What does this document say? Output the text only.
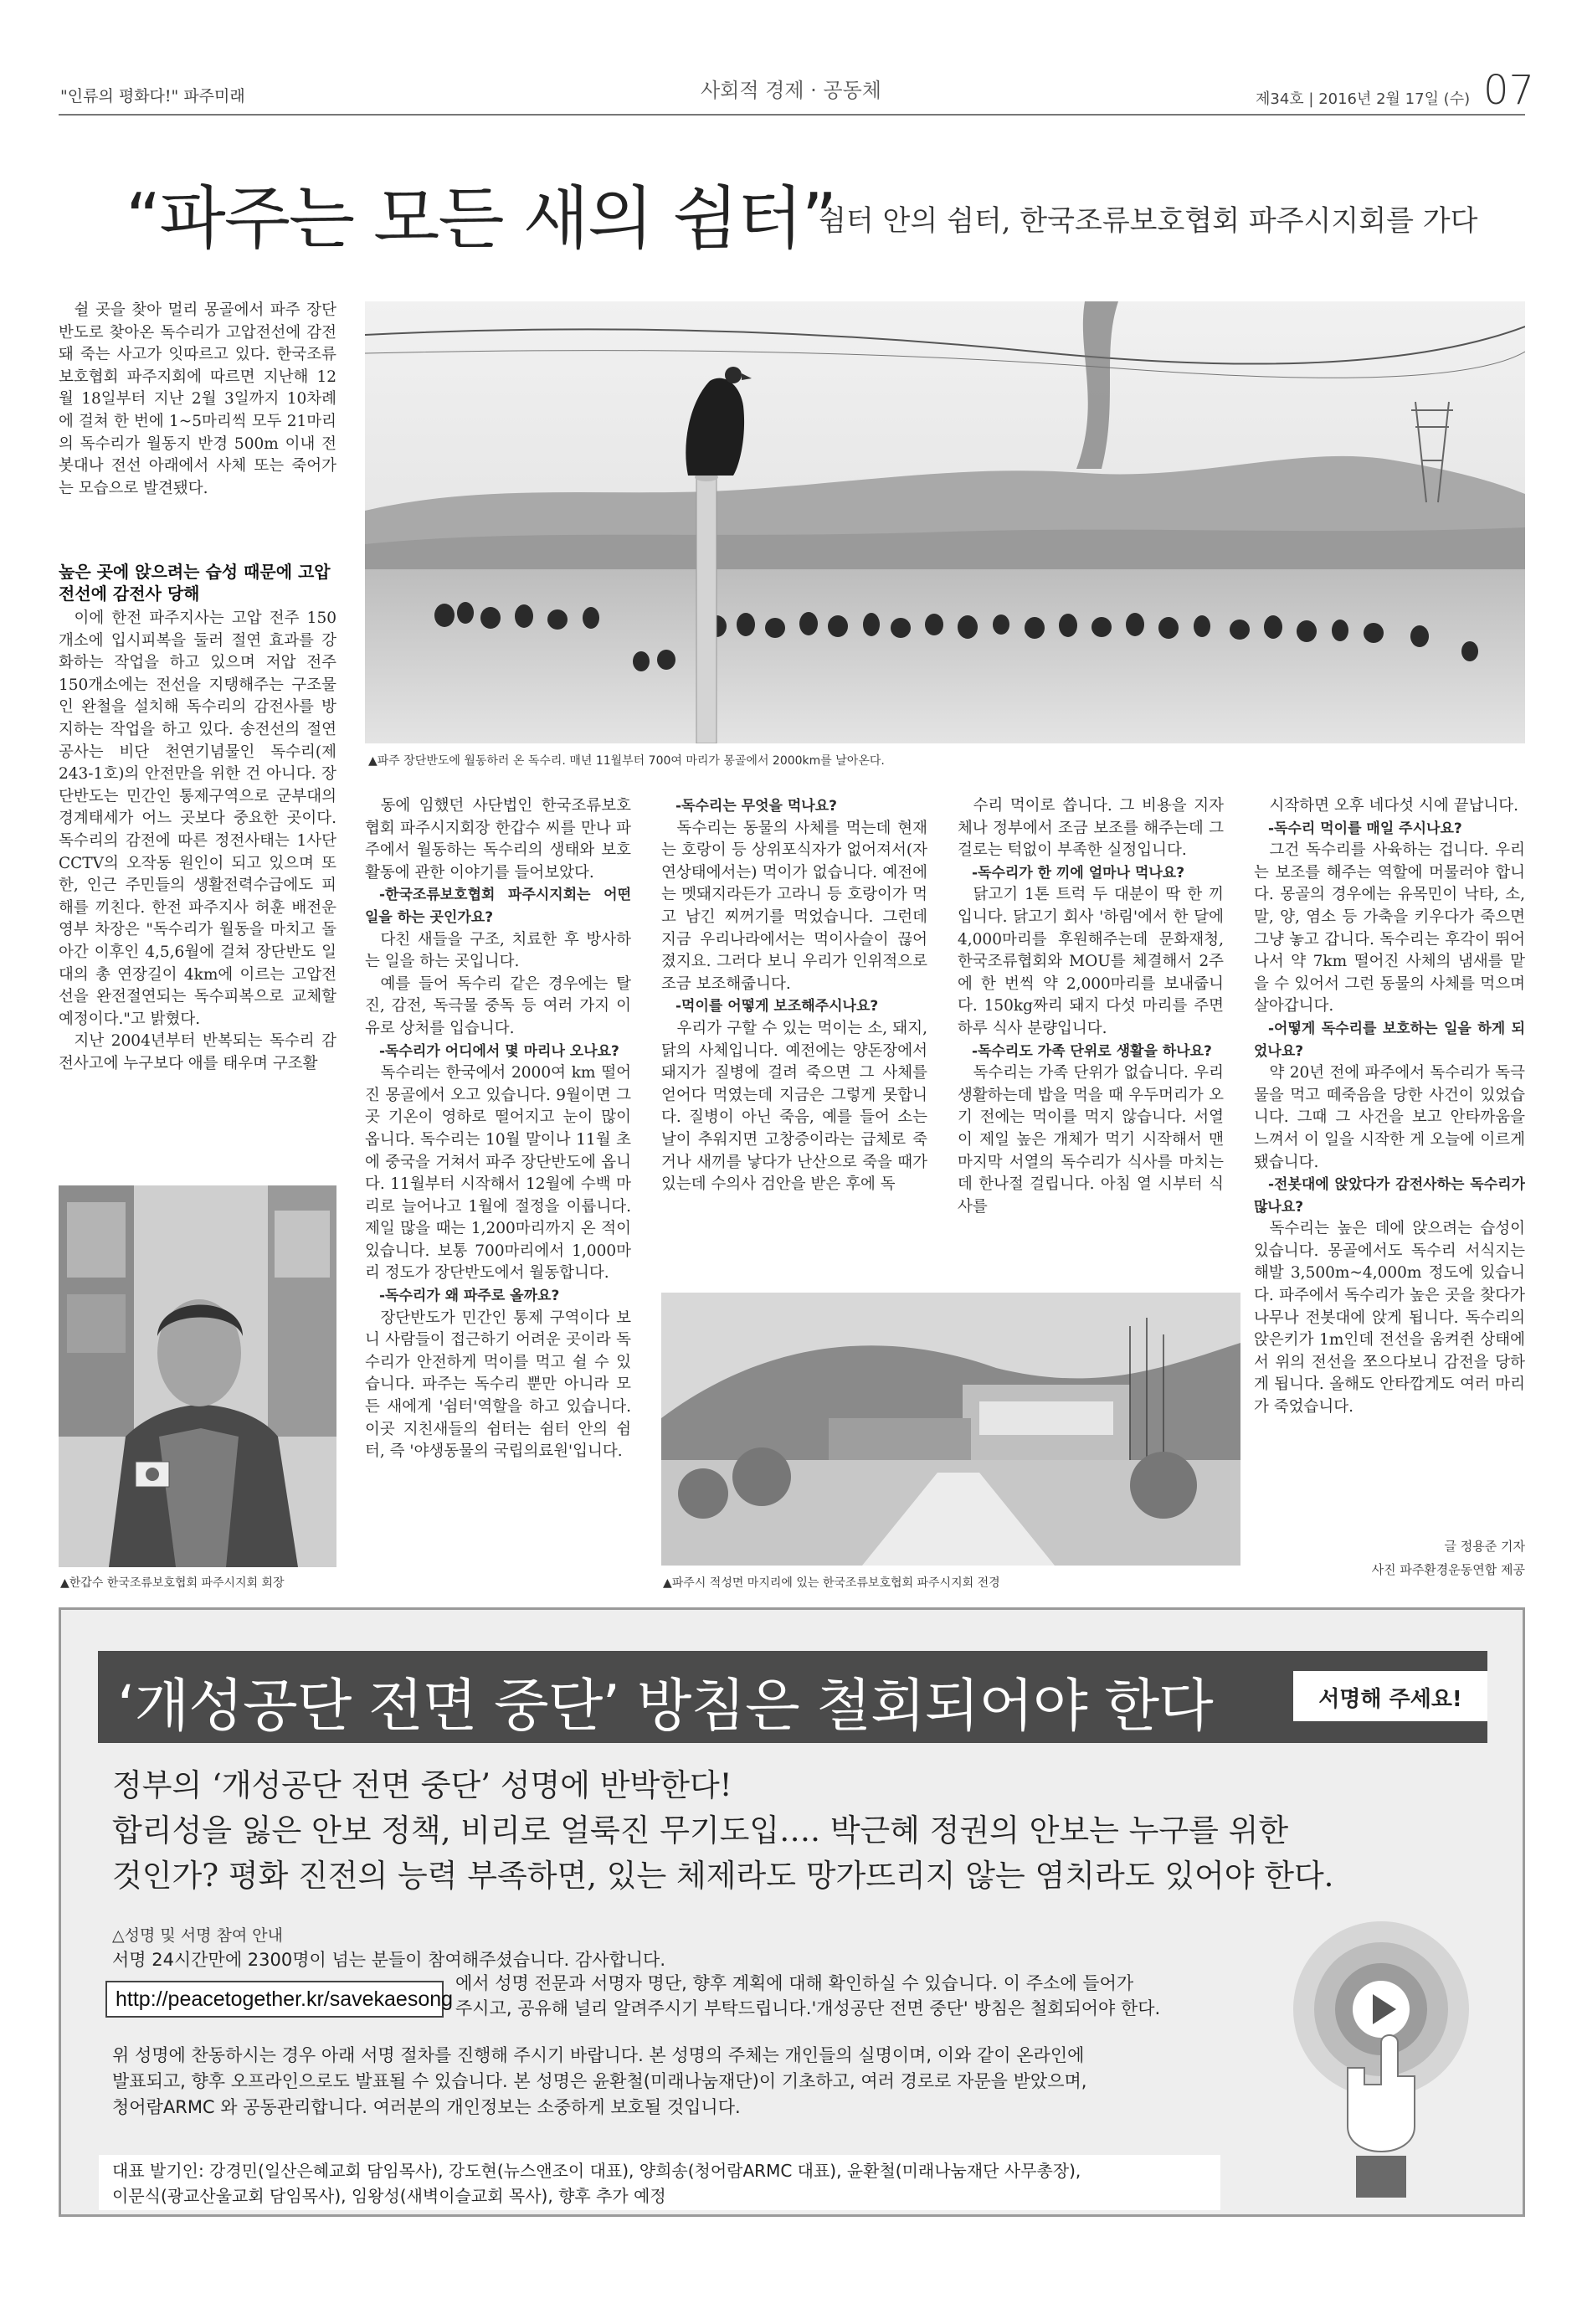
"인류의 평화다!" 파주미래	사회적 경제 · 공동체	제34호 | 2016년 2월 17일 (수) 07
“파주는 모든 새의 쉼터”
쉼터 안의 쉼터, 한국조류보호협회 파주시지회를 가다

쉴 곳을 찾아 멀리 몽골에서 파주 장단반도로 찾아온 독수리가 고압전선에 감전돼 죽는 사고가 잇따르고 있다. 한국조류보호협회 파주지회에 따르면 지난해 12월 18일부터 지난 2월 3일까지 10차례에 걸쳐 한 번에 1~5마리씩 모두 21마리의 독수리가 월동지 반경 500m 이내 전봇대나 전선 아래에서 사체 또는 죽어가는 모습으로 발견됐다.

높은 곳에 앉으려는 습성 때문에 고압전선에 감전사 당해

이에 한전 파주지사는 고압 전주 150개소에 입시피복을 둘러 절연 효과를 강화하는 작업을 하고 있으며 저압 전주 150개소에는 전선을 지탱해주는 구조물인 완철을 설치해 독수리의 감전사를 방지하는 작업을 하고 있다. 송전선의 절연공사는 비단 천연기념물인 독수리(제243-1호)의 안전만을 위한 건 아니다. 장단반도는 민간인 통제구역으로 군부대의 경계태세가 어느 곳보다 중요한 곳이다. 독수리의 감전에 따른 정전사태는 1사단 CCTV의 오작동 원인이 되고 있으며 또한, 인근 주민들의 생활전력수급에도 피해를 끼친다. 한전 파주지사 허훈 배전운영부 차장은 "독수리가 월동을 마치고 돌아간 이후인 4,5,6월에 걸쳐 장단반도 일대의 총 연장길이 4km에 이르는 고압전선을 완전절연되는 독수피복으로 교체할 예정이다."고 밝혔다.

지난 2004년부터 반복되는 독수리 감전사고에 누구보다 애를 태우며 구조활

▲파주 장단반도에 월동하러 온 독수리. 매년 11월부터 700여 마리가 몽골에서 2000km를 날아온다.

동에 임했던 사단법인 한국조류보호협회 파주시지회장 한갑수 씨를 만나 파주에서 월동하는 독수리의 생태와 보호 활동에 관한 이야기를 들어보았다.

-한국조류보호협회 파주시지회는 어떤 일을 하는 곳인가요?

다친 새들을 구조, 치료한 후 방사하는 일을 하는 곳입니다.

예를 들어 독수리 같은 경우에는 탈진, 감전, 독극물 중독 등 여러 가지 이유로 상처를 입습니다.

-독수리가 어디에서 몇 마리나 오나요?

독수리는 한국에서 2000여 km 떨어진 몽골에서 오고 있습니다. 9월이면 그곳 기온이 영하로 떨어지고 눈이 많이 옵니다. 독수리는 10월 말이나 11월 초에 중국을 거쳐서 파주 장단반도에 옵니다. 11월부터 시작해서 12월에 수백 마리로 늘어나고 1월에 절정을 이룹니다. 제일 많을 때는 1,200마리까지 온 적이 있습니다. 보통 700마리에서 1,000마리 정도가 장단반도에서 월동합니다.

-독수리가 왜 파주로 올까요?

장단반도가 민간인 통제 구역이다 보니 사람들이 접근하기 어려운 곳이라 독수리가 안전하게 먹이를 먹고 쉴 수 있습니다. 파주는 독수리 뿐만 아니라 모든 새에게 '쉼터'역할을 하고 있습니다. 이곳 지친새들의 쉼터는 쉼터 안의 쉼터, 즉 '야생동물의 국립의료원'입니다.

-독수리는 무엇을 먹나요?

독수리는 동물의 사체를 먹는데 현재는 호랑이 등 상위포식자가 없어져서(자연상태에서는) 먹이가 없습니다. 예전에는 멧돼지라든가 고라니 등 호랑이가 먹고 남긴 찌꺼기를 먹었습니다. 그런데 지금 우리나라에서는 먹이사슬이 끊어졌지요. 그러다 보니 우리가 인위적으로 조금 보조해줍니다.

-먹이를 어떻게 보조해주시나요?

우리가 구할 수 있는 먹이는 소, 돼지, 닭의 사체입니다. 예전에는 양돈장에서 돼지가 질병에 걸려 죽으면 그 사체를 얻어다 먹였는데 지금은 그렇게 못합니다. 질병이 아닌 죽음, 예를 들어 소는 날이 추워지면 고창증이라는 급체로 죽거나 새끼를 낳다가 난산으로 죽을 때가 있는데 수의사 검안을 받은 후에 독

수리 먹이로 씁니다. 그 비용을 지자체나 정부에서 조금 보조를 해주는데 그걸로는 턱없이 부족한 실정입니다.

-독수리가 한 끼에 얼마나 먹나요?

닭고기 1톤 트럭 두 대분이 딱 한 끼입니다. 닭고기 회사 '하림'에서 한 달에 4,000마리를 후원해주는데 문화재청, 한국조류협회와 MOU를 체결해서 2주에 한 번씩 약 2,000마리를 보내줍니다. 150kg짜리 돼지 다섯 마리를 주면 하루 식사 분량입니다.

-독수리도 가족 단위로 생활을 하나요?

독수리는 가족 단위가 없습니다. 우리 생활하는데 밥을 먹을 때 우두머리가 오기 전에는 먹이를 먹지 않습니다. 서열이 제일 높은 개체가 먹기 시작해서 맨 마지막 서열의 독수리가 식사를 마치는 데 한나절 걸립니다. 아침 열 시부터 식사를

시작하면 오후 네다섯 시에 끝납니다.

-독수리 먹이를 매일 주시나요?

그건 독수리를 사육하는 겁니다. 우리는 보조를 해주는 역할에 머물러야 합니다. 몽골의 경우에는 유목민이 낙타, 소, 말, 양, 염소 등 가축을 키우다가 죽으면 그냥 놓고 갑니다. 독수리는 후각이 뛰어나서 약 7km 떨어진 사체의 냄새를 맡을 수 있어서 그런 동물의 사체를 먹으며 살아갑니다.

-어떻게 독수리를 보호하는 일을 하게 되었나요?

약 20년 전에 파주에서 독수리가 독극물을 먹고 떼죽음을 당한 사건이 있었습니다. 그때 그 사건을 보고 안타까움을 느껴서 이 일을 시작한 게 오늘에 이르게 됐습니다.

-전봇대에 앉았다가 감전사하는 독수리가 많나요?

독수리는 높은 데에 앉으려는 습성이 있습니다. 몽골에서도 독수리 서식지는 해발 3,500m~4,000m 정도에 있습니다. 파주에서 독수리가 높은 곳을 찾다가 나무나 전봇대에 앉게 됩니다. 독수리의 앉은키가 1m인데 전선을 움켜쥔 상태에서 위의 전선을 쪼으다보니 감전을 당하게 됩니다. 올해도 안타깝게도 여러 마리가 죽었습니다.

▲한갑수 한국조류보호협회 파주시지회 회장	▲파주시 적성면 마지리에 있는 한국조류보호협회 파주시지회 전경
글 정용준 기자
사진 파주환경운동연합 제공
‘개성공단 전면 중단’ 방침은 철회되어야 한다	서명해 주세요!
정부의 ‘개성공단 전면 중단’ 성명에 반박한다!
합리성을 잃은 안보 정책, 비리로 얼룩진 무기도입…. 박근혜 정권의 안보는 누구를 위한
것인가? 평화 진전의 능력 부족하면, 있는 체제라도 망가뜨리지 않는 염치라도 있어야 한다.
△성명 및 서명 참여 안내
서명 24시간만에 2300명이 넘는 분들이 참여해주셨습니다. 감사합니다.
http://peacetogether.kr/savekaesong
에서 성명 전문과 서명자 명단, 향후 계획에 대해 확인하실 수 있습니다. 이 주소에 들어가
주시고, 공유해 널리 알려주시기 부탁드립니다.'개성공단 전면 중단' 방침은 철회되어야 한다.
위 성명에 찬동하시는 경우 아래 서명 절차를 진행해 주시기 바랍니다. 본 성명의 주체는 개인들의 실명이며, 이와 같이 온라인에
발표되고, 향후 오프라인으로도 발표될 수 있습니다. 본 성명은 윤환철(미래나눔재단)이 기초하고, 여러 경로로 자문을 받았으며,
청어람ARMC 와 공동관리합니다. 여러분의 개인정보는 소중하게 보호될 것입니다.
대표 발기인: 강경민(일산은혜교회 담임목사), 강도현(뉴스앤조이 대표), 양희송(청어람ARMC 대표), 윤환철(미래나눔재단 사무총장),
이문식(광교산울교회 담임목사), 임왕성(새벽이슬교회 목사), 향후 추가 예정
